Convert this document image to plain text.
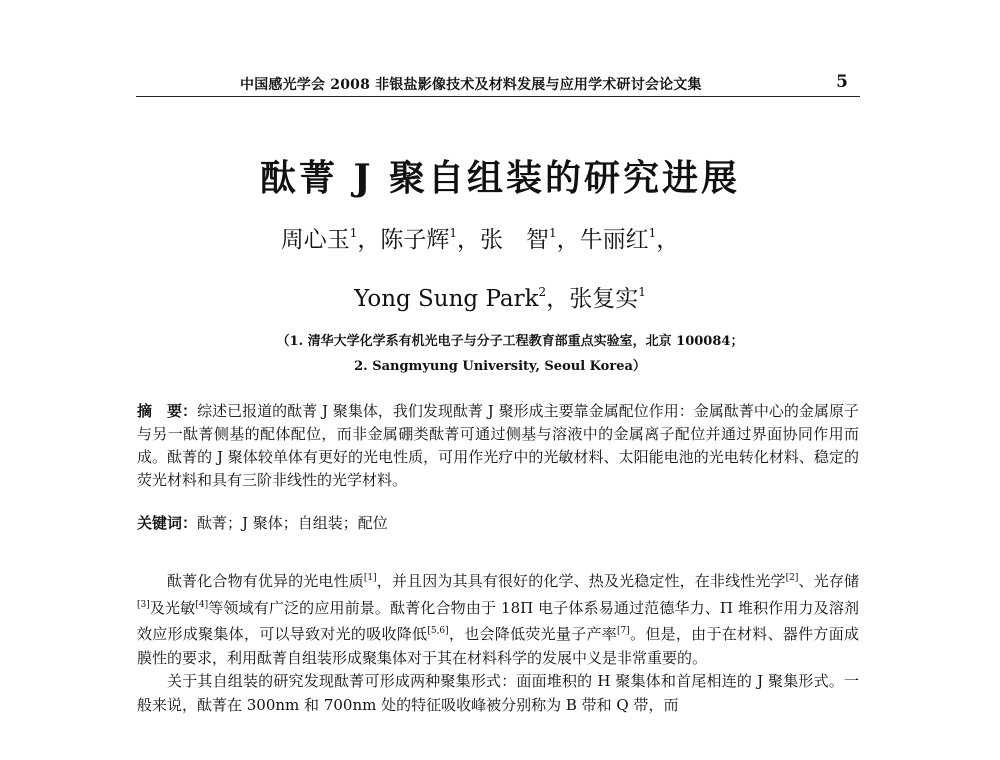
中国感光学会 2008 非银盐影像技术及材料发展与应用学术研讨会论文集	5
酞菁 J 聚自组装的研究进展
周心玉$^1$，陈子辉$^1$，张　智$^1$，牛丽红$^1$，
Yong Sung Park$^2$，张复实$^1$
（1. 清华大学化学系有机光电子与分子工程教育部重点实验室，北京 100084；
2. Sangmyung University, Seoul Korea）
摘　要：综述已报道的酞菁 J 聚集体，我们发现酞菁 J 聚形成主要靠金属配位作用：金属酞菁中心的金属原子与另一酞菁侧基的配体配位，而非金属硼类酞菁可通过侧基与溶液中的金属离子配位并通过界面协同作用而成。酞菁的 J 聚体较单体有更好的光电性质，可用作光疗中的光敏材料、太阳能电池的光电转化材料、稳定的荧光材料和具有三阶非线性的光学材料。
关键词：酞菁；J 聚体；自组装；配位

酞菁化合物有优异的光电性质[1]，并且因为其具有很好的化学、热及光稳定性，在非线性光学[2]、光存储[3]及光敏[4]等领域有广泛的应用前景。酞菁化合物由于 18Π 电子体系易通过范德华力、Π 堆积作用力及溶剂效应形成聚集体，可以导致对光的吸收降低[5,6]，也会降低荧光量子产率[7]。但是，由于在材料、器件方面成膜性的要求，利用酞菁自组装形成聚集体对于其在材料科学的发展中义是非常重要的。

关于其自组装的研究发现酞菁可形成两种聚集形式：面面堆积的 H 聚集体和首尾相连的 J 聚集形式。一般来说，酞菁在 300nm 和 700nm 处的特征吸收峰被分别称为 B 带和 Q 带，而
